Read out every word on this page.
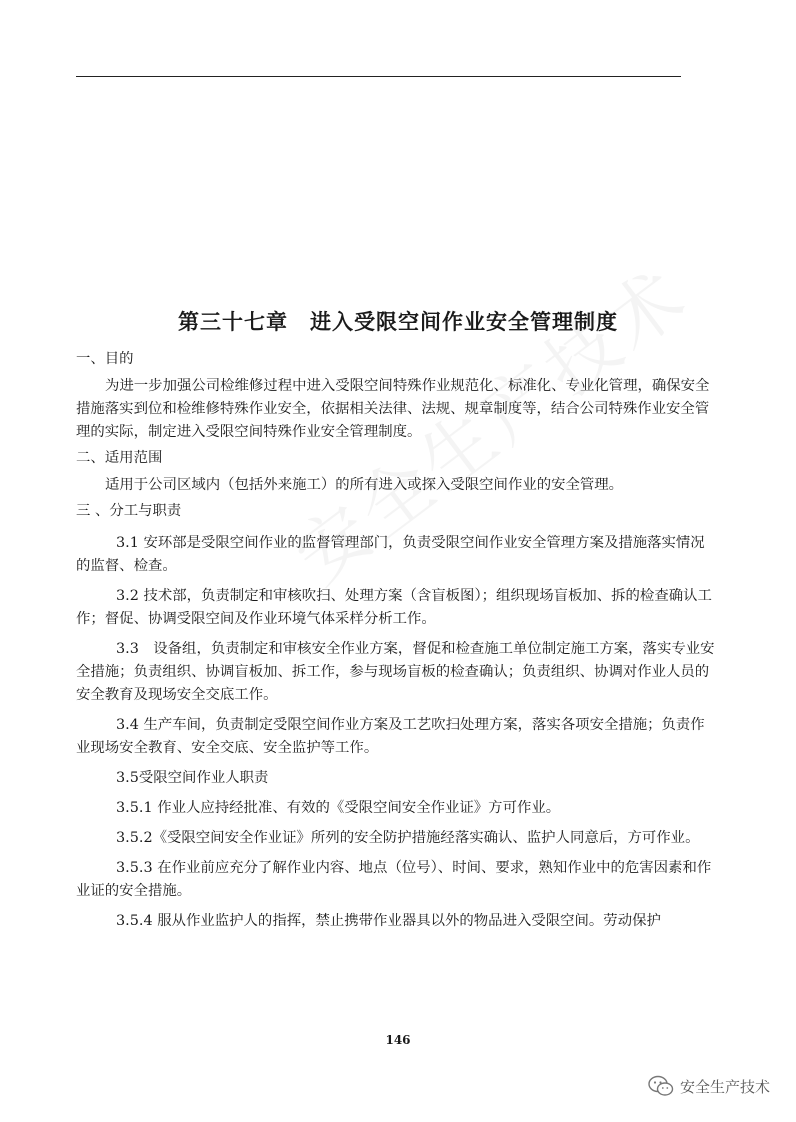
第三十七章　进入受限空间作业安全管理制度
一、目的

为进一步加强公司检维修过程中进入受限空间特殊作业规范化、标准化、专业化管理，确保安全措施落实到位和检维修特殊作业安全，依据相关法律、法规、规章制度等，结合公司特殊作业安全管理的实际，制定进入受限空间特殊作业安全管理制度。

二、适用范围

适用于公司区域内（包括外来施工）的所有进入或探入受限空间作业的安全管理。

三 、分工与职责

3.1 安环部是受限空间作业的监督管理部门，负责受限空间作业安全管理方案及措施落实情况的监督、检查。

3.2 技术部，负责制定和审核吹扫、处理方案（含盲板图）；组织现场盲板加、拆的检查确认工作；督促、协调受限空间及作业环境气体采样分析工作。

3.3　设备组，负责制定和审核安全作业方案，督促和检查施工单位制定施工方案，落实专业安全措施；负责组织、协调盲板加、拆工作，参与现场盲板的检查确认；负责组织、协调对作业人员的安全教育及现场安全交底工作。

3.4 生产车间，负责制定受限空间作业方案及工艺吹扫处理方案，落实各项安全措施；负责作业现场安全教育、安全交底、安全监护等工作。

3.5受限空间作业人职责

3.5.1 作业人应持经批准、有效的《受限空间安全作业证》方可作业。

3.5.2《受限空间安全作业证》所列的安全防护措施经落实确认、监护人同意后，方可作业。

3.5.3 在作业前应充分了解作业内容、地点（位号）、时间、要求，熟知作业中的危害因素和作业证的安全措施。

3.5.4 服从作业监护人的指挥，禁止携带作业器具以外的物品进入受限空间。劳动保护

146
安全生产技术
